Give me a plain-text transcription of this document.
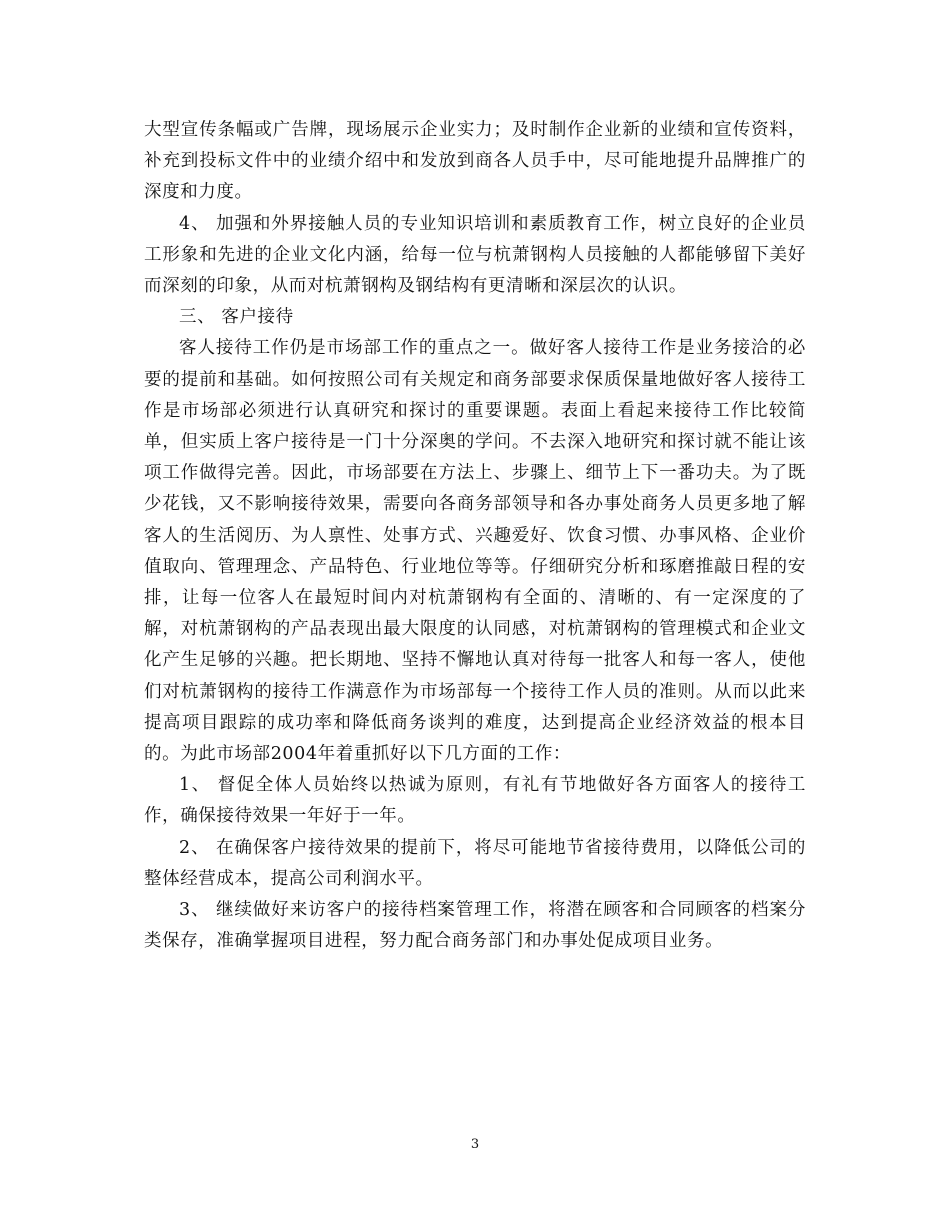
大型宣传条幅或广告牌，现场展示企业实力；及时制作企业新的业绩和宣传资料，补充到投标文件中的业绩介绍中和发放到商各人员手中，尽可能地提升品牌推广的深度和力度。

4、 加强和外界接触人员的专业知识培训和素质教育工作，树立良好的企业员工形象和先进的企业文化内涵，给每一位与杭萧钢构人员接触的人都能够留下美好而深刻的印象，从而对杭萧钢构及钢结构有更清晰和深层次的认识。

三、 客户接待

客人接待工作仍是市场部工作的重点之一。做好客人接待工作是业务接洽的必要的提前和基础。如何按照公司有关规定和商务部要求保质保量地做好客人接待工作是市场部必须进行认真研究和探讨的重要课题。表面上看起来接待工作比较简单，但实质上客户接待是一门十分深奥的学问。不去深入地研究和探讨就不能让该项工作做得完善。因此，市场部要在方法上、步骤上、细节上下一番功夫。为了既少花钱，又不影响接待效果，需要向各商务部领导和各办事处商务人员更多地了解客人的生活阅历、为人禀性、处事方式、兴趣爱好、饮食习惯、办事风格、企业价值取向、管理理念、产品特色、行业地位等等。仔细研究分析和琢磨推敲日程的安排，让每一位客人在最短时间内对杭萧钢构有全面的、清晰的、有一定深度的了解，对杭萧钢构的产品表现出最大限度的认同感，对杭萧钢构的管理模式和企业文化产生足够的兴趣。把长期地、坚持不懈地认真对待每一批客人和每一客人，使他们对杭萧钢构的接待工作满意作为市场部每一个接待工作人员的准则。从而以此来提高项目跟踪的成功率和降低商务谈判的难度，达到提高企业经济效益的根本目的。为此市场部2004年着重抓好以下几方面的工作：

1、 督促全体人员始终以热诚为原则，有礼有节地做好各方面客人的接待工作，确保接待效果一年好于一年。

2、 在确保客户接待效果的提前下，将尽可能地节省接待费用，以降低公司的整体经营成本，提高公司利润水平。

3、 继续做好来访客户的接待档案管理工作，将潜在顾客和合同顾客的档案分类保存，准确掌握项目进程，努力配合商务部门和办事处促成项目业务。

3
